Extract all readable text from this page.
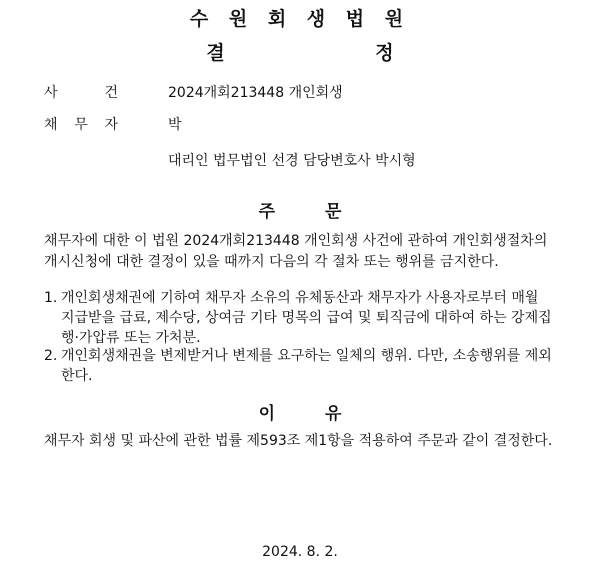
수 원 회 생 법 원
결 정
사	건	2024개회213448 개인회생
채 무 자	박
대리인 법무법인 선경 담당변호사 박시형
주 문
채무자에 대한 이 법원 2024개회213448 개인회생 사건에 관하여 개인회생절차의 개시신청에 대한 결정이 있을 때까지 다음의 각 절차 또는 행위를 금지한다.
1. 개인회생채권에 기하여 채무자 소유의 유체동산과 채무자가 사용자로부터 매월 지급받을 급료, 제수당, 상여금 기타 명목의 급여 및 퇴직금에 대하여 하는 강제집행·가압류 또는 가처분.
2. 개인회생채권을 변제받거나 변제를 요구하는 일체의 행위. 다만, 소송행위를 제외한다.
이 유
채무자 회생 및 파산에 관한 법률 제593조 제1항을 적용하여 주문과 같이 결정한다.
2024. 8. 2.
